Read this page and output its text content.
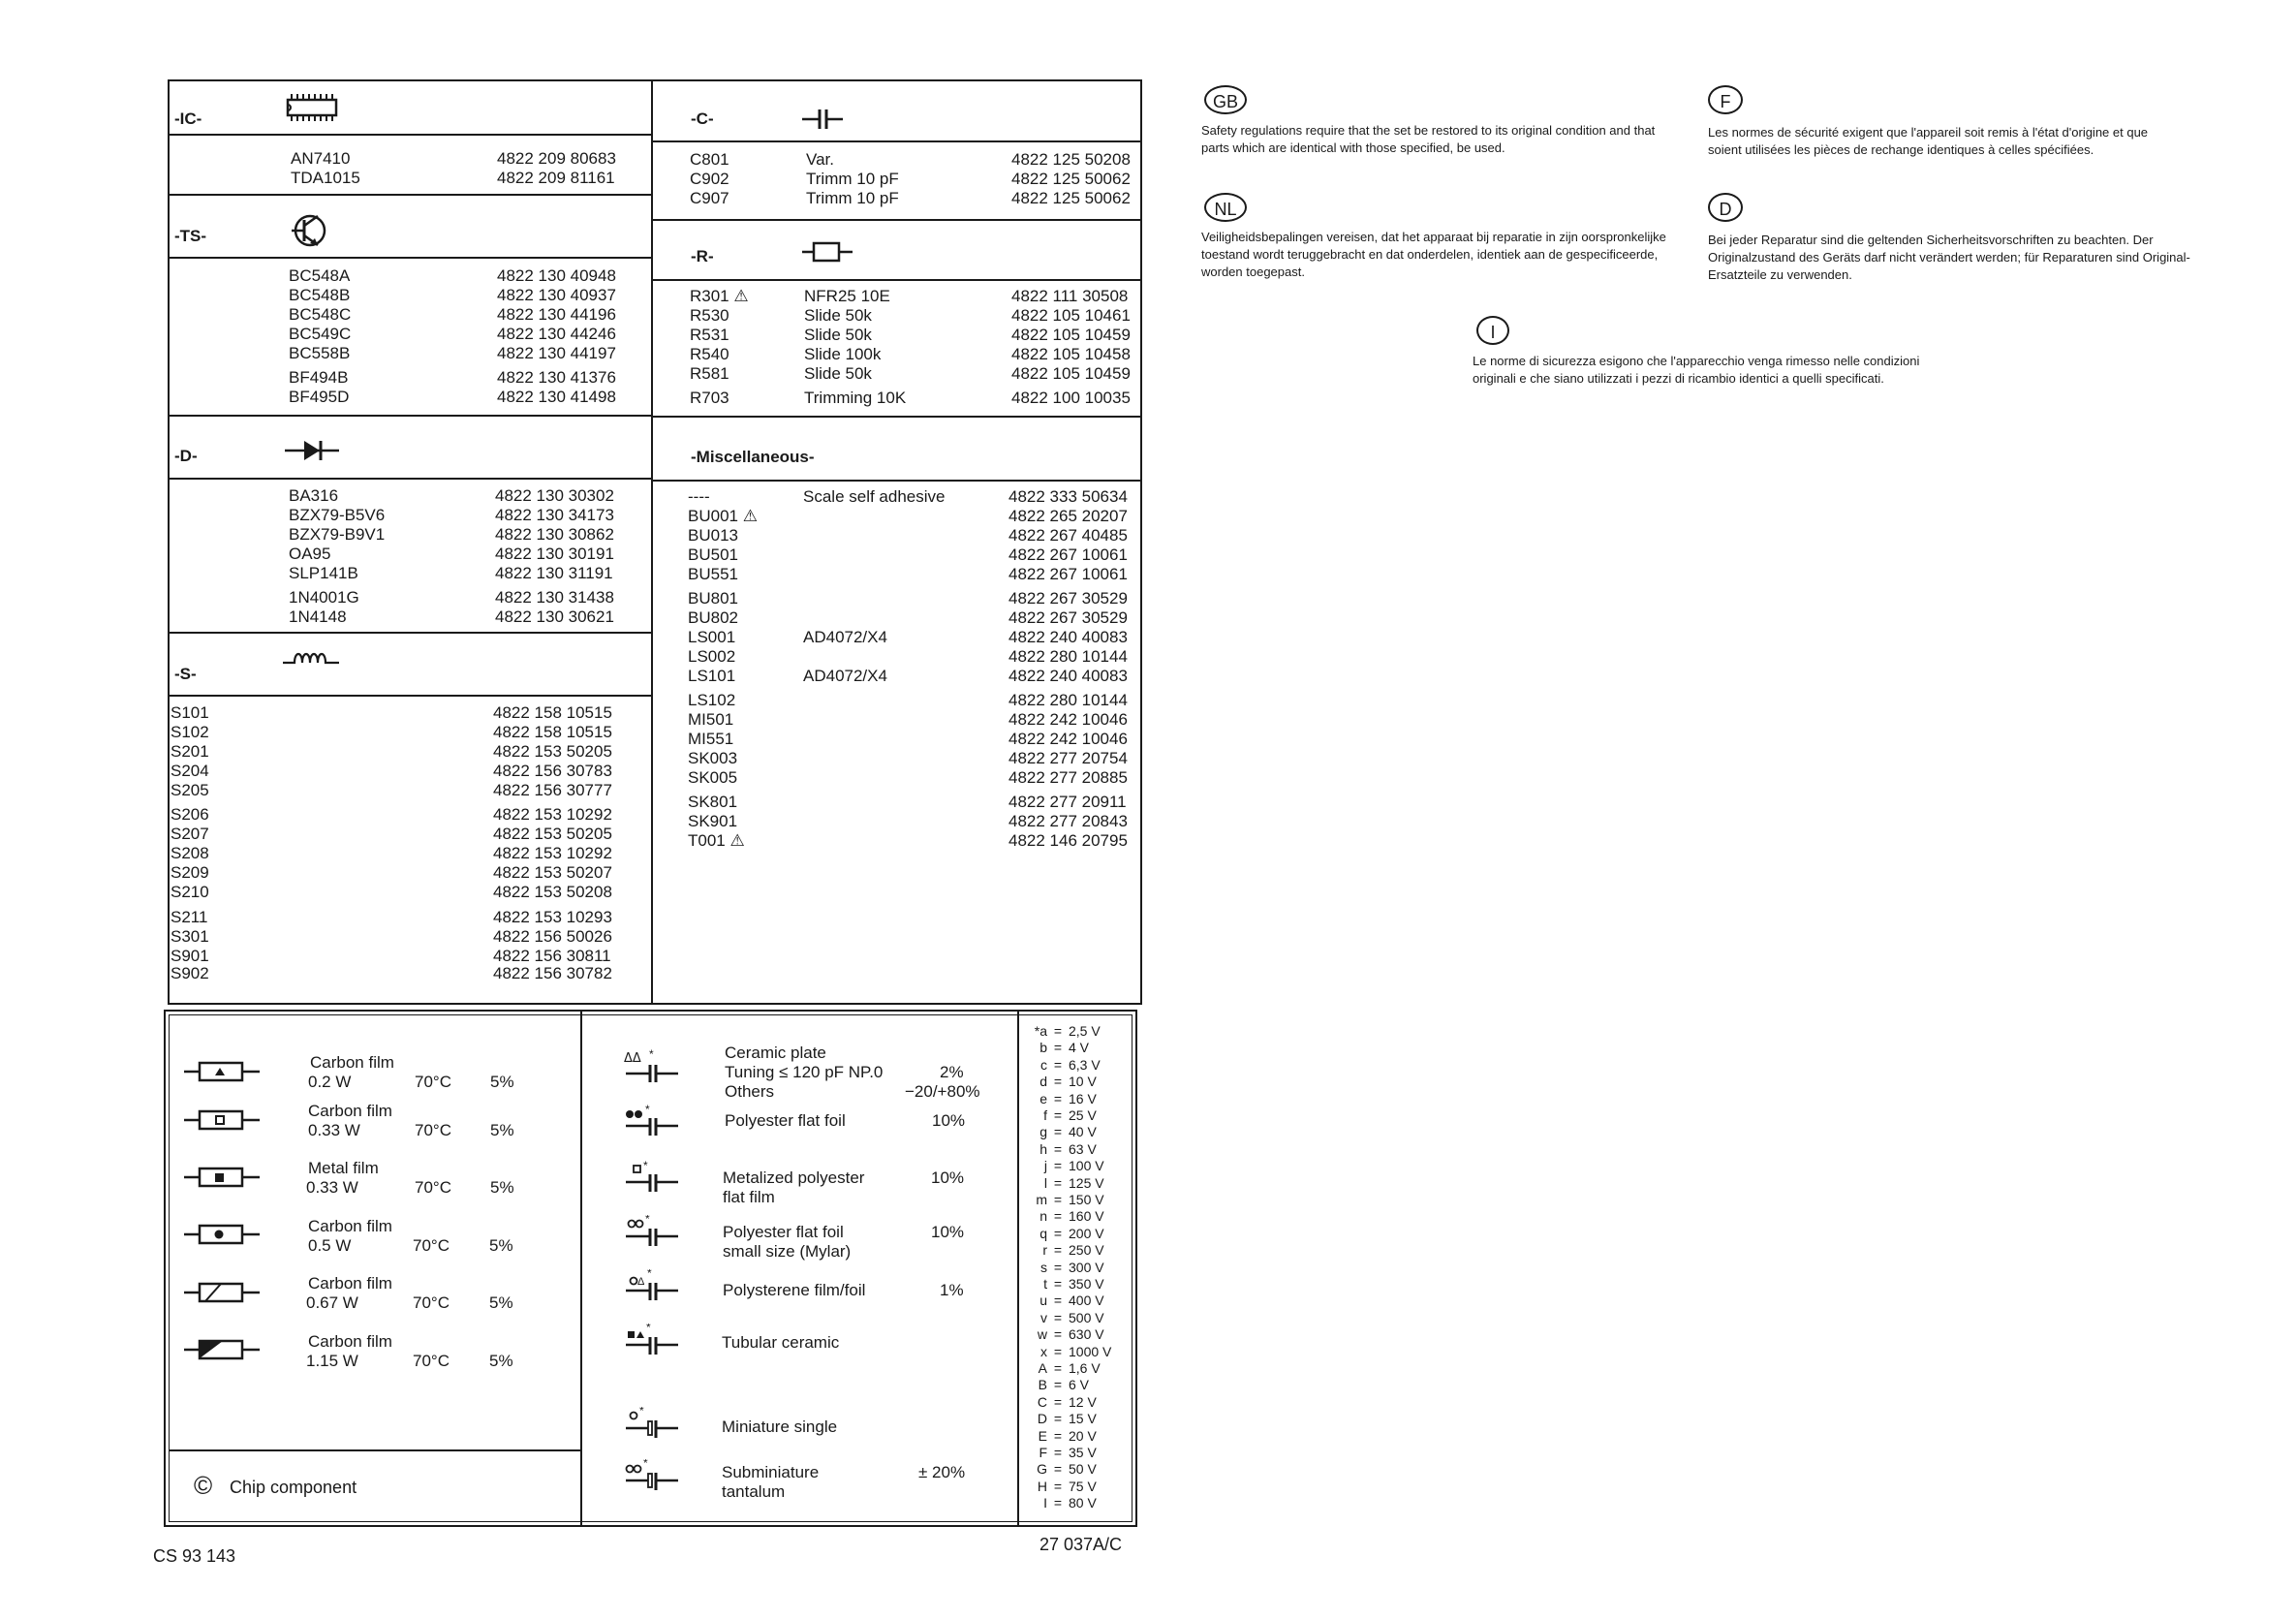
-IC-
AN7410	4822 209 80683
TDA1015	4822 209 81161
-TS-
BC548A	4822 130 40948
BC548B	4822 130 40937
BC548C	4822 130 44196
BC549C	4822 130 44246
BC558B	4822 130 44197
BF494B	4822 130 41376
BF495D	4822 130 41498
-D-
BA316	4822 130 30302
BZX79-B5V6	4822 130 34173
BZX79-B9V1	4822 130 30862
OA95	4822 130 30191
SLP141B	4822 130 31191
1N4001G	4822 130 31438
1N4148	4822 130 30621
-S-
S101	4822 158 10515
S102	4822 158 10515
S201	4822 153 50205
S204	4822 156 30783
S205	4822 156 30777
S206	4822 153 10292
S207	4822 153 50205
S208	4822 153 10292
S209	4822 153 50207
S210	4822 153 50208
S211	4822 153 10293
S301	4822 156 50026
S901	4822 156 30811
S902	4822 156 30782
-C-
C801	Var.	4822 125 50208
C902	Trimm 10 pF	4822 125 50062
C907	Trimm 10 pF	4822 125 50062
-R-
R301 ⚠	NFR25 10E	4822 111 30508
R530	Slide 50k	4822 105 10461
R531	Slide 50k	4822 105 10459
R540	Slide 100k	4822 105 10458
R581	Slide 50k	4822 105 10459
R703	Trimming 10K	4822 100 10035
-Miscellaneous-
----	Scale self adhesive	4822 333 50634
BU001 ⚠	4822 265 20207
BU013	4822 267 40485
BU501	4822 267 10061
BU551	4822 267 10061
BU801	4822 267 30529
BU802	4822 267 30529
LS001	AD4072/X4	4822 240 40083
LS002	4822 280 10144
LS101	AD4072/X4	4822 240 40083
LS102	4822 280 10144
MI501	4822 242 10046
MI551	4822 242 10046
SK003	4822 277 20754
SK005	4822 277 20885
SK801	4822 277 20911
SK901	4822 277 20843
T001 ⚠	4822 146 20795
Carbon film
0.2 W	70°C 5%
Carbon film
0.33 W	70°C 5%
Metal film
0.33 W	70°C 5%
Carbon film
0.5 W	70°C 5%
Carbon film
0.67 W	70°C 5%
Carbon film
1.15 W	70°C 5%
© Chip component
ΔΔ *
*
*
*
Δ
*
*
*
*
Ceramic plate
Tuning ≤ 120 pF NP.0	2%
Others	−20/+80%
Polyester flat foil	10%
Metalized polyester	10%
flat film
Polyester flat foil	10%
small size (Mylar)
Polysterene film/foil	1%
Tubular ceramic
Miniature single
Subminiature	± 20%
tantalum
*a = 2,5 V
b = 4 V
c = 6,3 V
d = 10 V
e = 16 V
f = 25 V
g = 40 V
h = 63 V
j = 100 V
l = 125 V
m = 150 V
n = 160 V
q = 200 V
r = 250 V
s = 300 V
t = 350 V
u = 400 V
v = 500 V
w = 630 V
x = 1000 V
A = 1,6 V
B = 6 V
C = 12 V
D = 15 V
E = 20 V
F = 35 V
G = 50 V
H = 75 V
I = 80 V
CS 93 143
27 037A/C
GB
Safety regulations require that the set be restored to its original condition and that parts which are identical with those specified, be used.
F
Les normes de sécurité exigent que l'appareil soit remis à l'état d'origine et que soient utilisées les pièces de rechange identiques à celles spécifiées.
NL
Veiligheidsbepalingen vereisen, dat het apparaat bij reparatie in zijn oorspronkelijke toestand wordt teruggebracht en dat onderdelen, identiek aan de gespecificeerde, worden toegepast.
D
Bei jeder Reparatur sind die geltenden Sicherheitsvorschriften zu beachten. Der Originalzustand des Geräts darf nicht verändert werden; für Reparaturen sind Original-Ersatzteile zu verwenden.
I
Le norme di sicurezza esigono che l'apparecchio venga rimesso nelle condizioni originali e che siano utilizzati i pezzi di ricambio identici a quelli specificati.
